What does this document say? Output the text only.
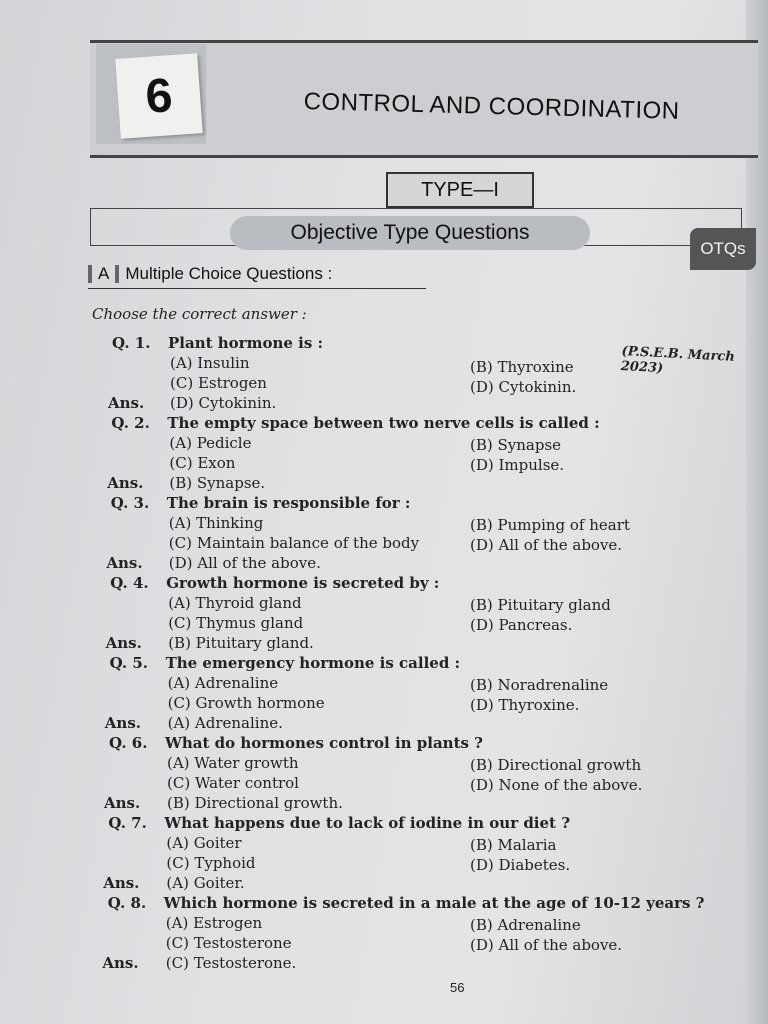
6	CONTROL AND COORDINATION
TYPE—I
Objective Type Questions
OTQs
A Multiple Choice Questions :
Choose the correct answer :
(P.S.E.B. March 2023)
Q. 1. Plant hormone is :
(A) Insulin	(B) Thyroxine
(C) Estrogen	(D) Cytokinin.
Ans. (D) Cytokinin.
Q. 2. The empty space between two nerve cells is called :
(A) Pedicle	(B) Synapse
(C) Exon	(D) Impulse.
Ans. (B) Synapse.
Q. 3. The brain is responsible for :
(A) Thinking	(B) Pumping of heart
(C) Maintain balance of the body	(D) All of the above.
Ans. (D) All of the above.
Q. 4. Growth hormone is secreted by :
(A) Thyroid gland	(B) Pituitary gland
(C) Thymus gland	(D) Pancreas.
Ans. (B) Pituitary gland.
Q. 5. The emergency hormone is called :
(A) Adrenaline	(B) Noradrenaline
(C) Growth hormone	(D) Thyroxine.
Ans. (A) Adrenaline.
Q. 6. What do hormones control in plants ?
(A) Water growth	(B) Directional growth
(C) Water control	(D) None of the above.
Ans. (B) Directional growth.
Q. 7. What happens due to lack of iodine in our diet ?
(A) Goiter	(B) Malaria
(C) Typhoid	(D) Diabetes.
Ans. (A) Goiter.
Q. 8. Which hormone is secreted in a male at the age of 10-12 years ?
(A) Estrogen	(B) Adrenaline
(C) Testosterone	(D) All of the above.
Ans. (C) Testosterone.
56
